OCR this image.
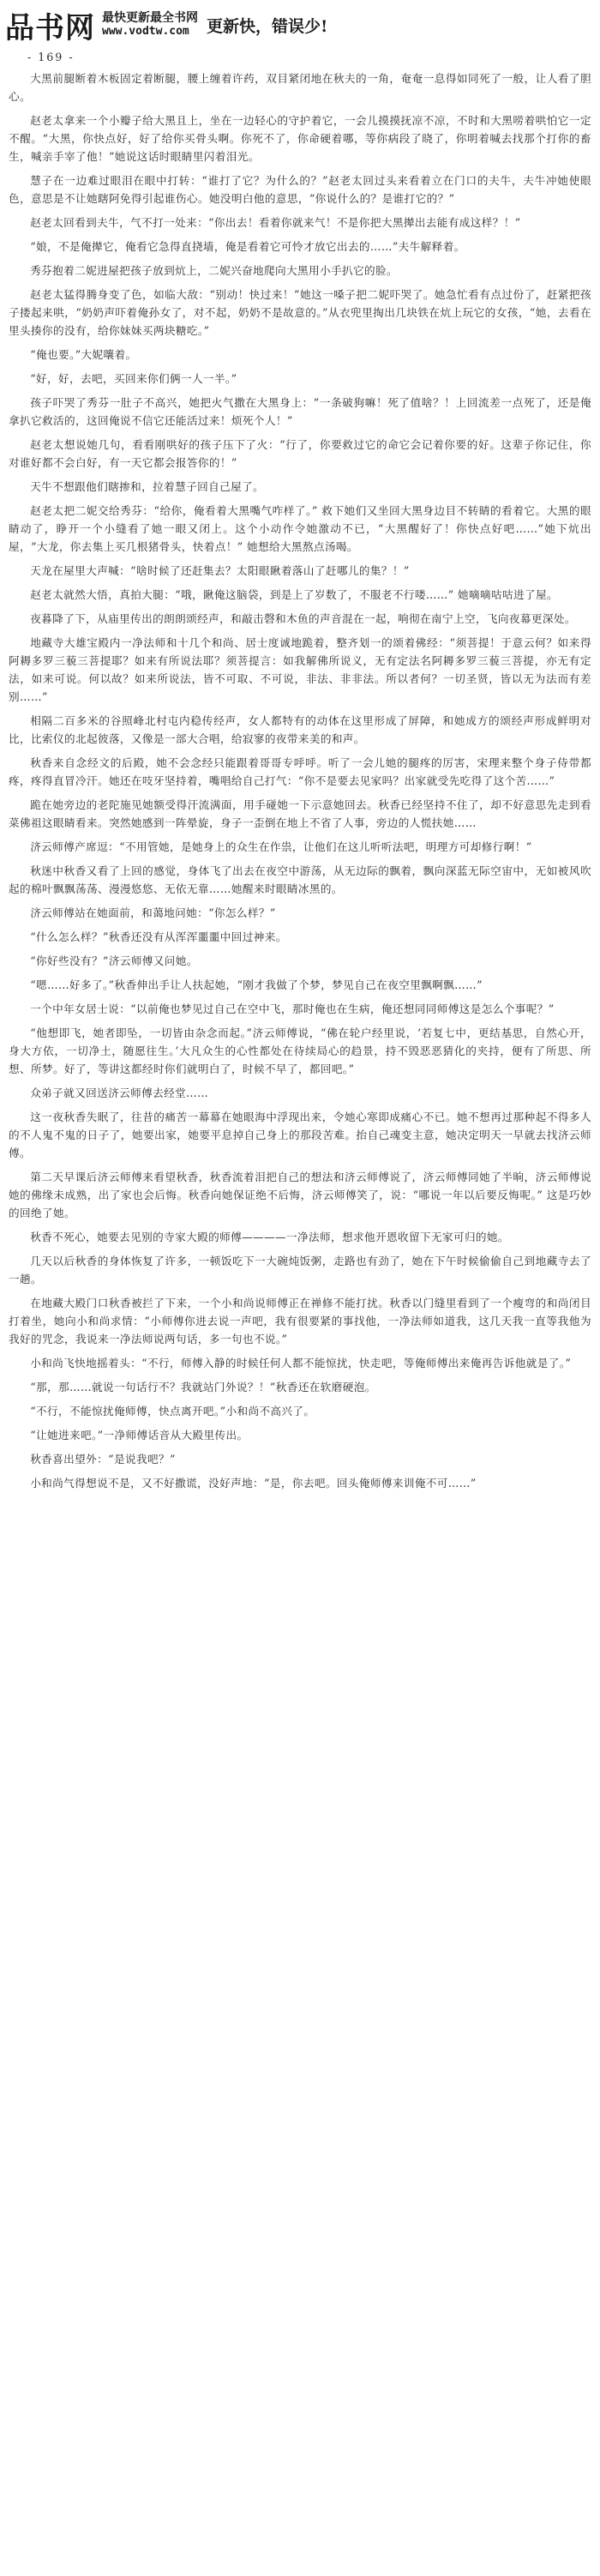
品书网 最快更新最全书网
www.vodtw.com	更新快，错误少!
- 169 -

大黑前腿断着木板固定着断腿，腰上缠着许药，双目紧闭地在秋夫的一角，奄奄一息得如同死了一般，让人看了胆心。

赵老太拿来一个小瓣子给大黑且上，坐在一边轻心的守护着它，一会儿摸摸抚凉不凉，不时和大黑唠着哄怕它一定不醒。“大黑，你快点好，好了给你买骨头啊。你死不了，你命硬着哪，等你病段了晓了，你明着喊去找那个打你的畜生，喊亲手宰了他！”她说这话时眼睛里闪着泪光。

慧子在一边难过眼泪在眼中打转：“谁打了它？为什么的？”赵老太回过头来看着立在门口的夫牛，夫牛冲她使眼色，意思是不让她瞎阿免得引起谁伤心。她没明白他的意思，“你说什么的？是谁打它的？”

赵老太回看到夫牛，气不打一处来：“你出去！看着你就来气！不是你把大黑撵出去能有成这样？！”

“娘，不是俺撵它，俺看它急得直挠墙，俺是看着它可怜才放它出去的……”夫牛解释着。

秀芬抱着二妮进屋把孩子放到炕上，二妮兴奋地爬向大黑用小手扒它的脸。

赵老太猛得腾身变了色，如临大敌：“别动！快过来！”她这一嗓子把二妮吓哭了。她急忙看有点过份了，赶紧把孩子搂起来哄，“奶奶声吓着俺孙女了，对不起，奶奶不是故意的。”从衣兜里掏出几块铁在炕上玩它的女孩，“她，去看在里头揍你的没有，给你妹妹买两块糖吃。”

“俺也要。”大妮嚷着。

“好，好，去吧，买回来你们俩一人一半。”

孩子吓哭了秀芬一肚子不高兴，她把火气撒在大黑身上：“一条破狗嘛！死了值啥？！上回流差一点死了，还是俺拿扒它救活的，这回俺说不信它还能活过来！烦死个人！”

赵老太想说她几句，看看刚哄好的孩子压下了火：“行了，你要救过它的命它会记着你要的好。这辈子你记住，你对谁好都不会白好，有一天它都会报答你的！”

天牛不想跟他们瞎掺和，拉着慧子回自己屋了。

赵老太把二妮交给秀芬：“给你，俺看着大黑嘴气咋样了。” 救下她们又坐回大黑身边目不转睛的看着它。大黑的眼睛动了，睁开一个小缝看了她一眼又闭上。这个小动作令她激动不已，“大黑醒好了！你快点好吧……”她下炕出屋，“大龙，你去集上买几根猪骨头，快着点！” 她想给大黑熬点汤喝。

天龙在屋里大声喊：“啥时候了还赶集去？太阳眼瞅着落山了赶哪儿的集？！”

赵老太就然大悟，真拍大腿：“哦，瞅俺这脑袋，到是上了岁数了，不服老不行喽……” 她嘀嘀咕咕进了屋。

夜暮降了下，从庙里传出的朗朗颂经声，和敲击磬和木鱼的声音混在一起，响彻在南宁上空，飞向夜幕更深处。

地藏寺大雄宝殿内一净法师和十几个和尚、居士度诚地跪着，整齐划一的颂着佛经：“须菩提！于意云何？如来得阿耨多罗三藐三菩提耶？如来有所说法耶？须菩提言：如我解佛所说义，无有定法名阿耨多罗三藐三菩提，亦无有定法，如来可说。何以故？如来所说法，皆不可取、不可说，非法、非非法。所以者何？一切圣贤，皆以无为法而有差别……”

相隔二百多米的谷照峰北村屯内稳传经声，女人都特有的动体在这里形成了屏障，和她成方的颂经声形成鲜明对比，比索仪的北起彼落，又像是一部大合唱，给寂寥的夜带来美的和声。

秋香来自念经文的后殿，她不会念经只能跟着哥哥专呼呼。听了一会儿她的腿疼的厉害，宋理来整个身子侍带都疼，疼得直冒冷汗。她还在吱牙坚持着，嘴唱给自己打气：“你不是要去见家吗？出家就受先吃得了这个苦……”

跪在她旁边的老陀施见她额受得汗流满面，用手碰她一下示意她回去。秋香已经坚持不住了，却不好意思先走到看菜佛祖这眼睛看来。突然她感到一阵晕旋，身子一歪倒在地上不省了人事，旁边的人慌扶她……

济云师傅产席逗：“不用管她，是她身上的众生在作祟，让他们在这儿听听法吧，明理方可却修行啊！”

秋迷中秋香又看了上回的感觉，身体飞了出去在夜空中游荡，从无边际的飘着，飘向深蓝无际空宙中，无如被风吹起的棉叶飘飘荡荡、漫漫悠悠、无依无靠……她醒来时眼睛冰黑的。

济云师傅站在她面前，和蔼地问她：“你怎么样？”

“什么怎么样？”秋香还没有从浑浑噩噩中回过神来。

“你好些没有？”济云师傅又问她。

“嗯……好多了。”秋香伸出手让人扶起她，“刚才我做了个梦，梦见自己在夜空里飘啊飘……”

一个中年女居士说：“以前俺也梦见过自己在空中飞，那时俺也在生病，俺还想同同师傅这是怎么个事呢？”

“他想即飞，她者即坠，一切皆由杂念而起。”济云师傅说，“佛在轮户经里说，‘若复七中，更结基思，自然心开，身大方依，一切净土，随愿往生。’大凡众生的心性都处在待续局心的趋景，持不毁恶恶猜化的夹持，便有了所思、所想、所梦。好了，等讲这都经时你们就明白了，时候不早了，都回吧。”

众弟子就又回送济云师傅去经堂……

这一夜秋香失眠了，往昔的痛苦一幕幕在她眼海中浮现出来，令她心寒即成痛心不已。她不想再过那种起不得多人的不人鬼不鬼的日子了，她要出家，她要平息掉自己身上的那段苦难。抬自己魂变主意，她决定明天一早就去找济云师傅。

第二天早课后济云师傅来看望秋香，秋香流着泪把自己的想法和济云师傅说了，济云师傅同她了半晌，济云师傅说她的佛缘未成熟，出了家也会后悔。秋香向她保证绝不后悔，济云师傅笑了，说：“哪说一年以后要反悔呢。” 这是巧妙的回绝了她。

秋香不死心，她要去见别的寺家大殿的师傅————一净法师，想求他开恩收留下无家可归的她。

几天以后秋香的身体恢复了许多，一顿饭吃下一大碗炖饭粥，走路也有劲了，她在下午时候偷偷自己到地藏寺去了一趟。

在地藏大殿门口秋香被拦了下来，一个小和尚说师傅正在禅修不能打扰。秋香以门缝里看到了一个瘦弯的和尚闭目打着坐，她向小和尚求情：“小师傅你进去说一声吧，我有很要紧的事找他，一净法师如道我，这几天我一直等我他为我好的咒念，我说来一净法师说两句话，多一句也不说。”

小和尚飞快地摇着头：“不行，师傅入静的时候任何人都不能惊扰，快走吧，等俺师傅出来俺再告诉他就是了。”

“那，那……就说一句话行不？我就站门外说？！”秋香还在软磨硬泡。

“不行，不能惊扰俺师傅，快点离开吧。”小和尚不高兴了。

“让她进来吧。”一净师傅话音从大殿里传出。

秋香喜出望外：“是说我吧？”

小和尚气得想说不是，又不好撒谎，没好声地：“是，你去吧。回头俺师傅来训俺不可……”
